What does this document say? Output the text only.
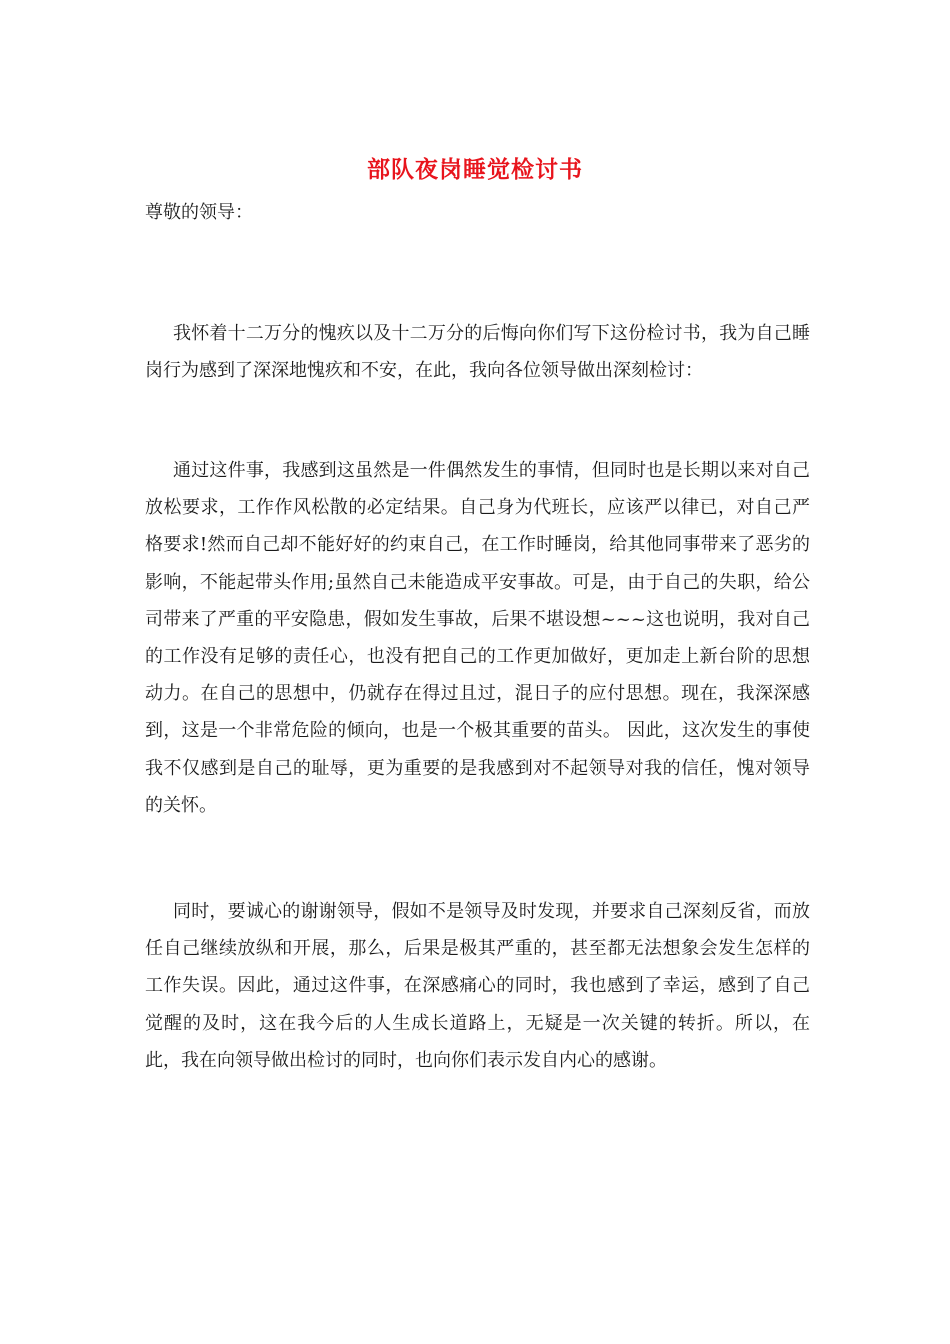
部队夜岗睡觉检讨书
尊敬的领导：

我怀着十二万分的愧疚以及十二万分的后悔向你们写下这份检讨书，我为自己睡岗行为感到了深深地愧疚和不安，在此，我向各位领导做出深刻检讨：

通过这件事，我感到这虽然是一件偶然发生的事情，但同时也是长期以来对自己放松要求，工作作风松散的必定结果。自己身为代班长，应该严以律已，对自己严格要求!然而自己却不能好好的约束自己，在工作时睡岗，给其他同事带来了恶劣的影响，不能起带头作用;虽然自己未能造成平安事故。可是，由于自己的失职，给公司带来了严重的平安隐患，假如发生事故，后果不堪设想~~~这也说明，我对自己的工作没有足够的责任心，也没有把自己的工作更加做好，更加走上新台阶的思想动力。在自己的思想中，仍就存在得过且过，混日子的应付思想。现在，我深深感到，这是一个非常危险的倾向，也是一个极其重要的苗头。 因此，这次发生的事使我不仅感到是自己的耻辱，更为重要的是我感到对不起领导对我的信任，愧对领导的关怀。

同时，要诚心的谢谢领导，假如不是领导及时发现，并要求自己深刻反省，而放任自己继续放纵和开展，那么，后果是极其严重的，甚至都无法想象会发生怎样的工作失误。因此，通过这件事，在深感痛心的同时，我也感到了幸运，感到了自己觉醒的及时，这在我今后的人生成长道路上，无疑是一次关键的转折。所以，在此，我在向领导做出检讨的同时，也向你们表示发自内心的感谢。
